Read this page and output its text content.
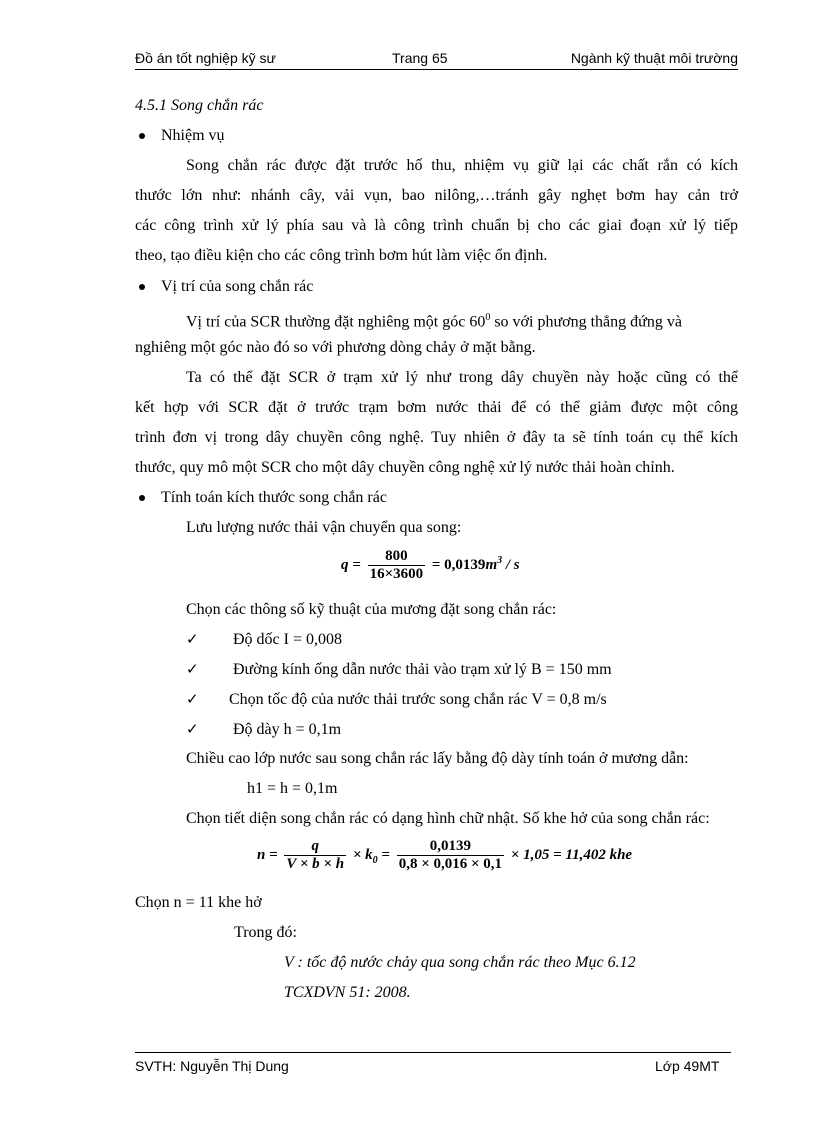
Đồ án tốt nghiệp kỹ sư	Trang 65	Ngành kỹ thuật môi trường
4.5.1 Song chắn rác
Nhiệm vụ
Song chắn rác được đặt trước hố thu, nhiệm vụ giữ lại các chất rắn có kích
thước lớn như: nhánh cây, vải vụn, bao nilông,…tránh gây nghẹt bơm hay cản trở
các công trình xử lý phía sau và là công trình chuẩn bị cho các giai đoạn xử lý tiếp
theo, tạo điều kiện cho các công trình bơm hút làm việc ổn định.
Vị trí của song chắn rác
Vị trí của SCR thường đặt nghiêng một góc $60^0$ so với phương thẳng đứng và
nghiêng một góc nào đó so với phương dòng chảy ở mặt bằng.
Ta có thể đặt SCR ở trạm xử lý như trong dây chuyền này hoặc cũng có thể
kết hợp với SCR đặt ở trước trạm bơm nước thải để có thể giảm được một công
trình đơn vị trong dây chuyền công nghệ. Tuy nhiên ở đây ta sẽ tính toán cụ thể kích
thước, quy mô một SCR cho một dây chuyền công nghệ xử lý nước thải hoàn chỉnh.
Tính toán kích thước song chắn rác
Lưu lượng nước thải vận chuyển qua song:
$q = \frac{800}{16\times 3600} = 0,0139m^3 / s$
Chọn các thông số kỹ thuật của mương đặt song chắn rác:
✓ Độ dốc I = 0,008
✓ Đường kính ống dẫn nước thải vào trạm xử lý B = 150 mm
✓ Chọn tốc độ của nước thải trước song chắn rác V = 0,8 m/s
✓ Độ dày h = 0,1m
Chiều cao lớp nước sau song chắn rác lấy bằng độ dày tính toán ở mương dẫn:
h1 = h = 0,1m
Chọn tiết diện song chắn rác có dạng hình chữ nhật. Số khe hở của song chắn rác:
$n = \frac{q}{V \times b \times h} \times k_0 = \frac{0,0139}{0,8 \times 0,016 \times 0,1} \times 1,05 = 11,402$ khe
Chọn n = 11 khe hở
Trong đó:
V : tốc độ nước chảy qua song chắn rác theo Mục 6.12
TCXDVN 51: 2008.
SVTH: Nguyễn Thị Dung	Lớp 49MT
